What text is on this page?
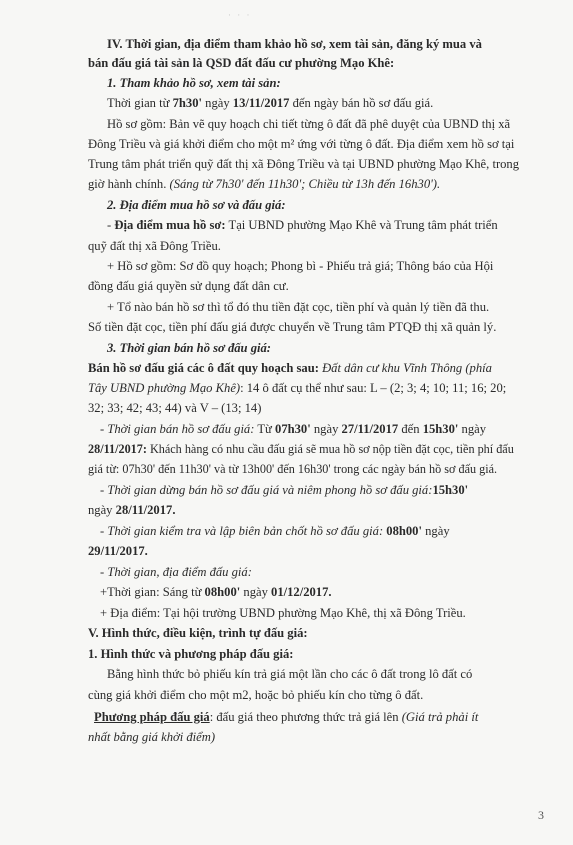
· · ·
IV. Thời gian, địa điểm tham khảo hồ sơ, xem tài sản, đăng ký mua và
bán đấu giá tài sản là QSD đất đấu cư phường Mạo Khê:
1. Tham khảo hồ sơ, xem tài sản:
Thời gian từ 7h30' ngày 13/11/2017 đến ngày bán hồ sơ đấu giá.
Hồ sơ gồm: Bản vẽ quy hoạch chi tiết từng ô đất đã phê duyệt của UBND thị xã
Đông Triều và giá khởi điểm cho một m² ứng với từng ô đất. Địa điểm xem hồ sơ tại
Trung tâm phát triển quỹ đất thị xã Đông Triều và tại UBND phường Mạo Khê, trong
giờ hành chính. (Sáng từ 7h30' đến 11h30'; Chiều từ 13h đến 16h30').
2. Địa điểm mua hồ sơ và đấu giá:
- Địa điểm mua hồ sơ: Tại UBND phường Mạo Khê và Trung tâm phát triển
quỹ đất thị xã Đông Triều.
+ Hồ sơ gồm: Sơ đồ quy hoạch; Phong bì - Phiếu trả giá; Thông báo của Hội
đồng đấu giá quyền sử dụng đất dân cư.
+ Tổ nào bán hồ sơ thì tổ đó thu tiền đặt cọc, tiền phí và quản lý tiền đã thu.
Số tiền đặt cọc, tiền phí đấu giá được chuyển về Trung tâm PTQĐ thị xã quản lý.
3. Thời gian bán hồ sơ đấu giá:
Bán hồ sơ đấu giá các ô đất quy hoạch sau: Đất dân cư khu Vĩnh Thông (phía
Tây UBND phường Mạo Khê): 14 ô đất cụ thể như sau: L – (2; 3; 4; 10; 11; 16; 20;
32; 33; 42; 43; 44) và V – (13; 14)
- Thời gian bán hồ sơ đấu giá: Từ 07h30' ngày 27/11/2017 đến 15h30' ngày
28/11/2017: Khách hàng có nhu cầu đấu giá sẽ mua hồ sơ nộp tiền đặt cọc, tiền phí đấu
giá từ: 07h30' đến 11h30' và từ 13h00' đến 16h30' trong các ngày bán hồ sơ đấu giá.
- Thời gian dừng bán hồ sơ đấu giá và niêm phong hồ sơ đấu giá:15h30'
ngày 28/11/2017.
- Thời gian kiểm tra và lập biên bản chốt hồ sơ đấu giá: 08h00' ngày
29/11/2017.
- Thời gian, địa điểm đấu giá:
+Thời gian: Sáng từ 08h00' ngày 01/12/2017.
+ Địa điểm: Tại hội trường UBND phường Mạo Khê, thị xã Đông Triều.
V. Hình thức, điều kiện, trình tự đấu giá:
1. Hình thức và phương pháp đấu giá:
Bằng hình thức bỏ phiếu kín trả giá một lần cho các ô đất trong lô đất có
cùng giá khởi điểm cho một m2, hoặc bỏ phiếu kín cho từng ô đất.
Phương pháp đấu giá: đấu giá theo phương thức trả giá lên (Giá trả phải ít
nhất bằng giá khởi điểm)
3
